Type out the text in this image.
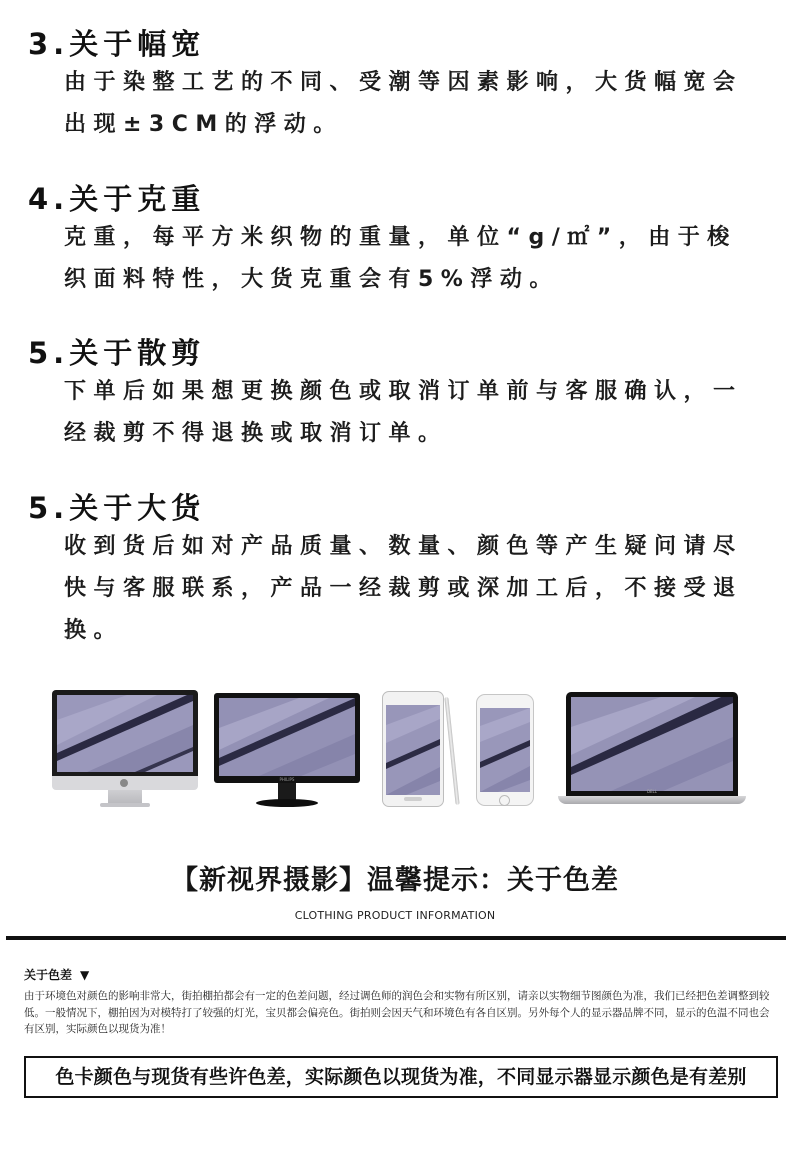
3.关于幅宽
由于染整工艺的不同、受潮等因素影响，大货幅宽会
出现±3CM的浮动。
4.关于克重
克重，每平方米织物的重量，单位“g/㎡”，由于梭
织面料特性，大货克重会有5%浮动。
5.关于散剪
下单后如果想更换颜色或取消订单前与客服确认，一
经裁剪不得退换或取消订单。
5.关于大货
收到货后如对产品质量、数量、颜色等产生疑问请尽
快与客服联系，产品一经裁剪或深加工后，不接受退
换。
PHILIPS
DELL
【新视界摄影】温馨提示：关于色差
CLOTHING PRODUCT INFORMATION
关于色差 ▼
由于环境色对颜色的影响非常大，街拍棚拍都会有一定的色差问题，经过调色师的润色会和实物有所区别，请亲以实物细节图颜色为准，我们已经把色差调整到较低。一般情况下，棚拍因为对模特打了较强的灯光，宝贝都会偏亮色。街拍则会因天气和环境色有各自区别。另外每个人的显示器品牌不同，显示的色温不同也会有区别，实际颜色以现货为准！
色卡颜色与现货有些许色差，实际颜色以现货为准，不同显示器显示颜色是有差别
